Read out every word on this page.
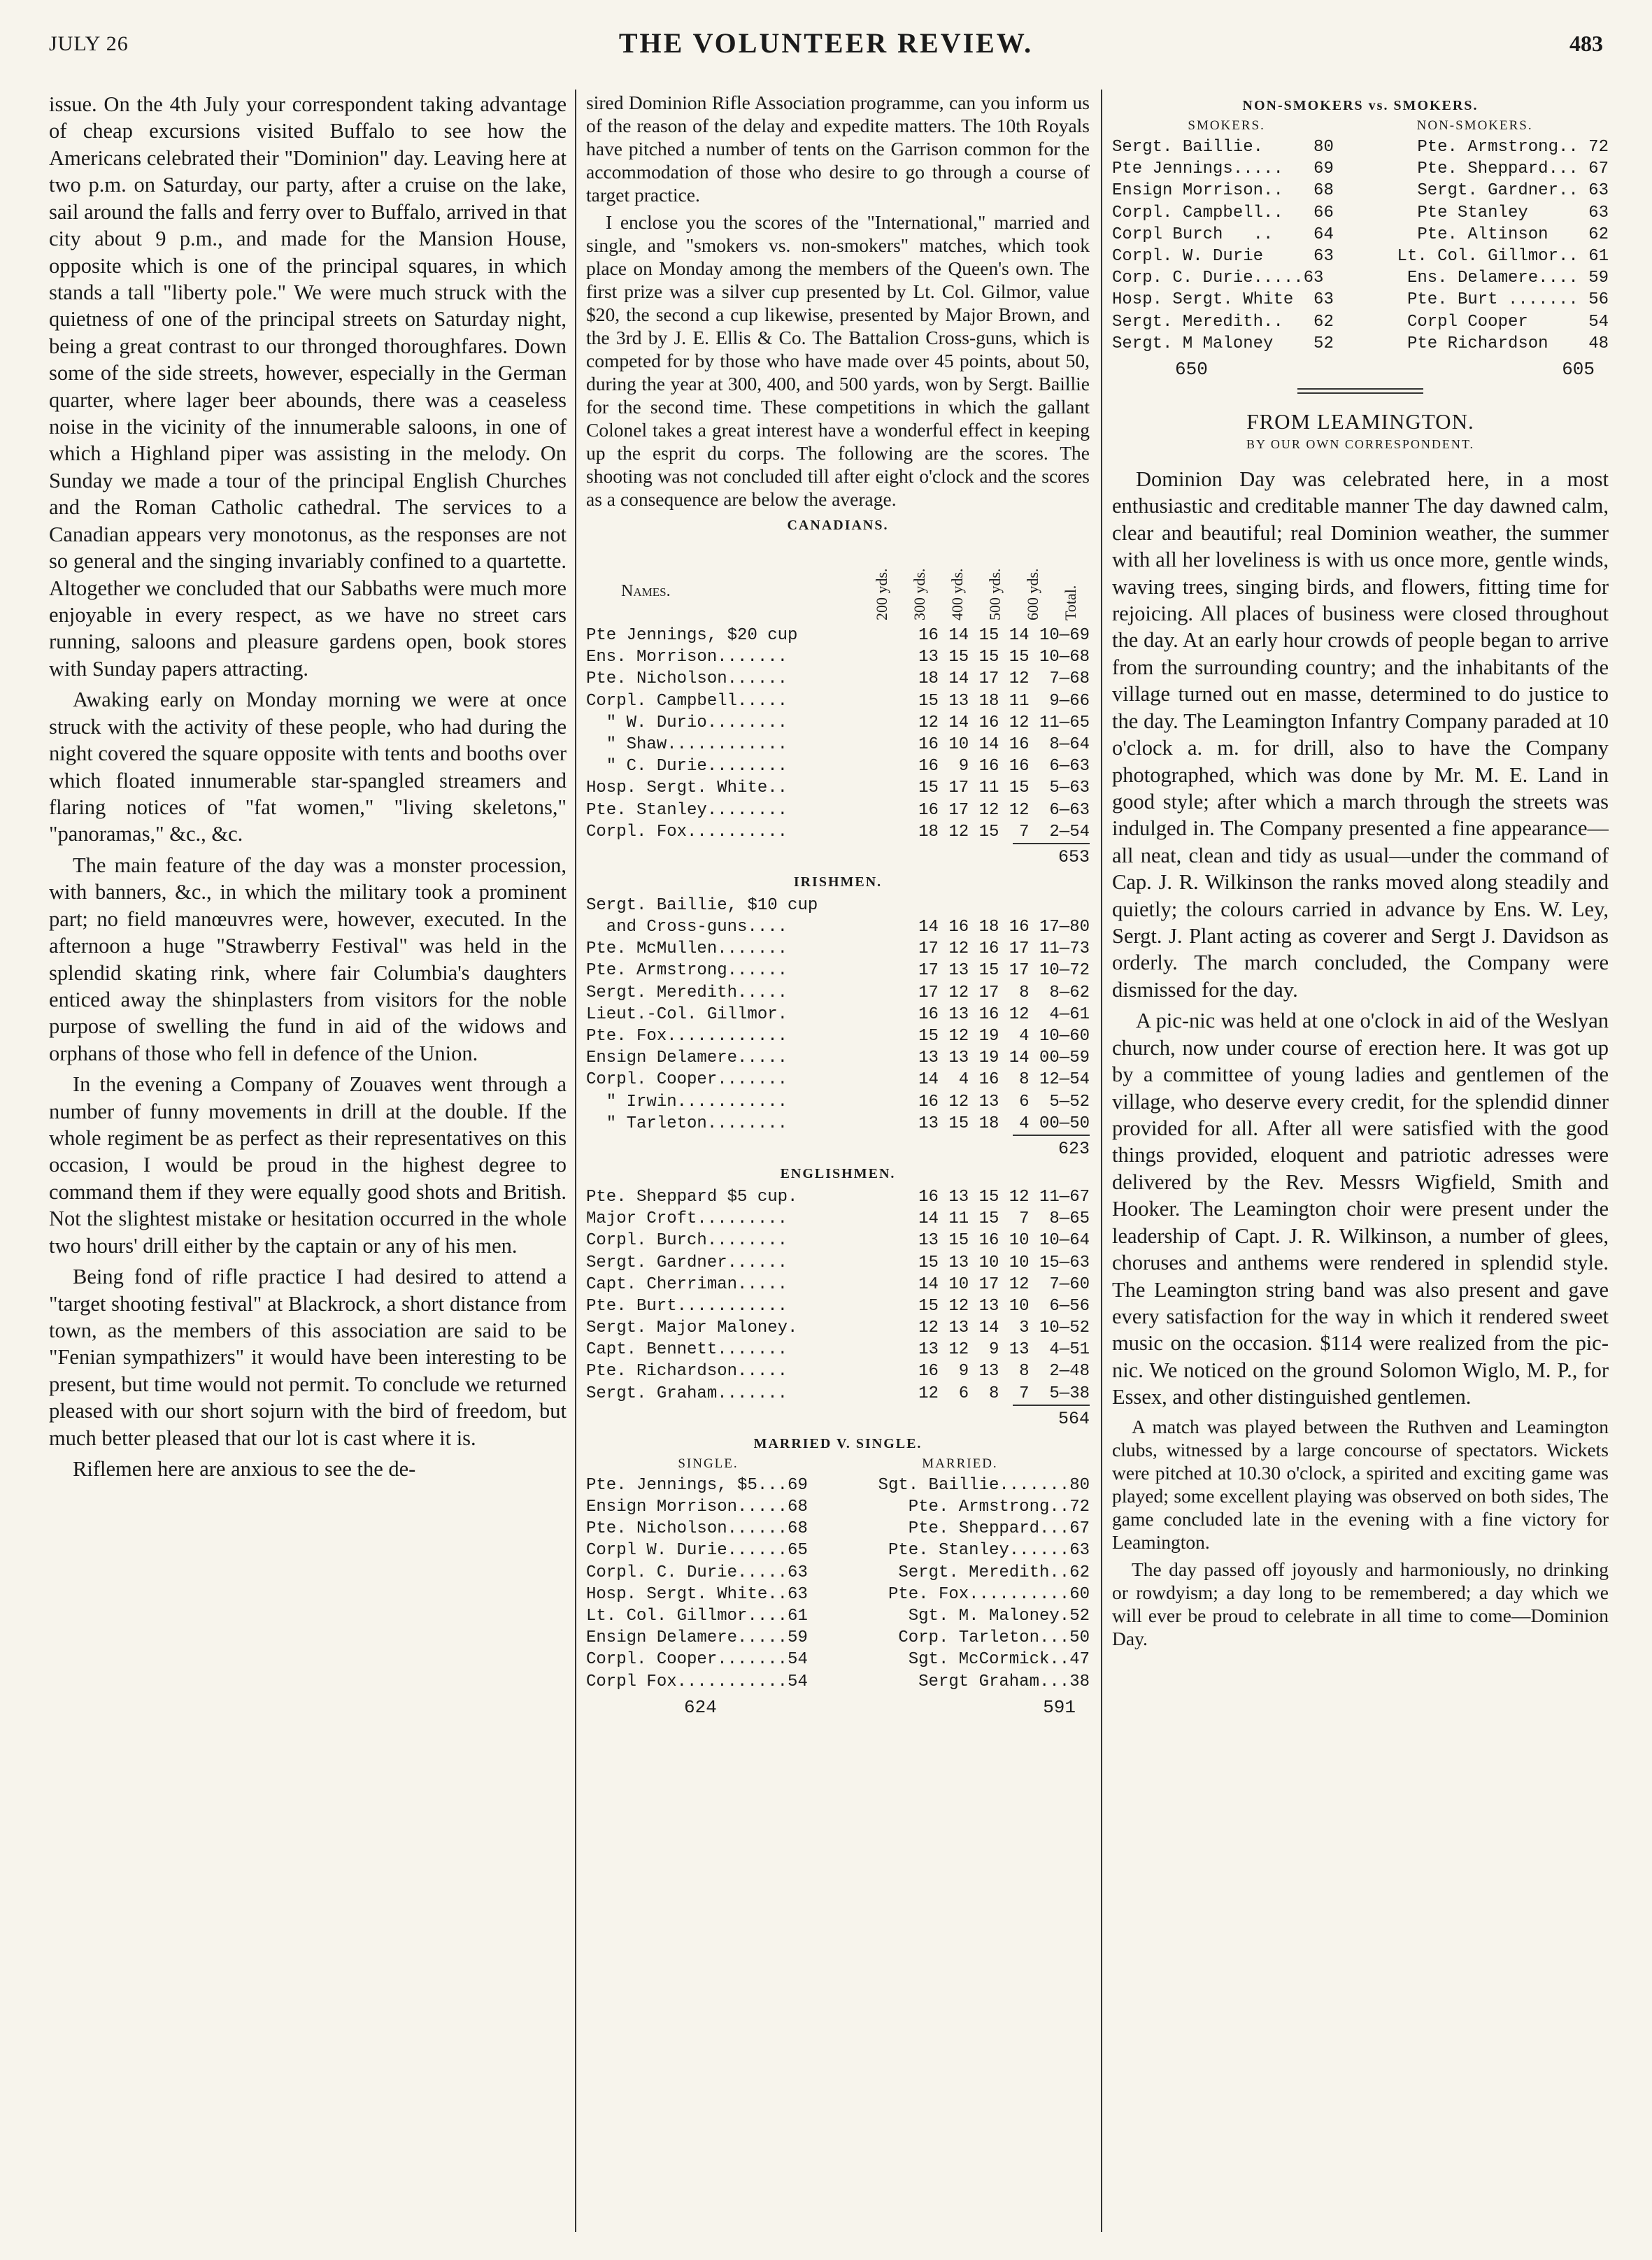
JULY 26	THE VOLUNTEER REVIEW.	483

issue. On the 4th July your correspondent taking advantage of cheap excursions visited Buffalo to see how the Americans celebrated their "Dominion" day. Leaving here at two p.m. on Saturday, our party, after a cruise on the lake, sail around the falls and ferry over to Buffalo, arrived in that city about 9 p.m., and made for the Mansion House, opposite which is one of the principal squares, in which stands a tall "liberty pole." We were much struck with the quietness of one of the principal streets on Saturday night, being a great contrast to our thronged thoroughfares. Down some of the side streets, however, especially in the German quarter, where lager beer abounds, there was a ceaseless noise in the vicinity of the innumerable saloons, in one of which a Highland piper was assisting in the melody. On Sunday we made a tour of the principal English Churches and the Roman Catholic cathedral. The services to a Canadian appears very monotonus, as the responses are not so general and the singing invariably confined to a quartette. Altogether we concluded that our Sabbaths were much more enjoyable in every respect, as we have no street cars running, saloons and pleasure gardens open, book stores with Sunday papers attracting.

Awaking early on Monday morning we were at once struck with the activity of these people, who had during the night covered the square opposite with tents and booths over which floated innumerable star-spangled streamers and flaring notices of "fat women," "living skeletons," "panoramas," &c., &c.

The main feature of the day was a monster procession, with banners, &c., in which the military took a prominent part; no field manœuvres were, however, executed. In the afternoon a huge "Strawberry Festival" was held in the splendid skating rink, where fair Columbia's daughters enticed away the shinplasters from visitors for the noble purpose of swelling the fund in aid of the widows and orphans of those who fell in defence of the Union.

In the evening a Company of Zouaves went through a number of funny movements in drill at the double. If the whole regiment be as perfect as their representatives on this occasion, I would be proud in the highest degree to command them if they were equally good shots and British. Not the slightest mistake or hesitation occurred in the whole two hours' drill either by the captain or any of his men.

Being fond of rifle practice I had desired to attend a "target shooting festival" at Blackrock, a short distance from town, as the members of this association are said to be "Fenian sympathizers" it would have been interesting to be present, but time would not permit. To conclude we returned pleased with our short sojurn with the bird of freedom, but much better pleased that our lot is cast where it is.

Riflemen here are anxious to see the de-

sired Dominion Rifle Association programme, can you inform us of the reason of the delay and expedite matters. The 10th Royals have pitched a number of tents on the Garrison common for the accommodation of those who desire to go through a course of target practice.

I enclose you the scores of the "International," married and single, and "smokers vs. non-smokers" matches, which took place on Monday among the members of the Queen's own. The first prize was a silver cup presented by Lt. Col. Gilmor, value $20, the second a cup likewise, presented by Major Brown, and the 3rd by J. E. Ellis & Co. The Battalion Cross-guns, which is competed for by those who have made over 45 points, about 50, during the year at 300, 400, and 500 yards, won by Sergt. Baillie for the second time. These competitions in which the gallant Colonel takes a great interest have a wonderful effect in keeping up the esprit du corps. The following are the scores. The shooting was not concluded till after eight o'clock and the scores as a consequence are below the average.

CANADIANS.
Names.	200 yds. 300 yds. 400 yds. 500 yds. 600 yds. Total.
Pte Jennings, $20 cup	16 14 15 14 10—69
Ens. Morrison.......	13 15 15 15 10—68
Pte. Nicholson......	18 14 17 12  7—68
Corpl. Campbell.....	15 13 18 11  9—66
" W. Durio........	12 14 16 12 11—65
" Shaw............	16 10 14 16  8—64
" C. Durie........	16  9 16 16  6—63
Hosp. Sergt. White..	15 17 11 15  5—63
Pte. Stanley........	16 17 12 12  6—63
Corpl. Fox..........	18 12 15  7  2—54
653
IRISHMEN.
Sergt. Baillie, $10 cup	
and Cross-guns....	14 16 18 16 17—80
Pte. McMullen.......	17 12 16 17 11—73
Pte. Armstrong......	17 13 15 17 10—72
Sergt. Meredith.....	17 12 17  8  8—62
Lieut.-Col. Gillmor.	16 13 16 12  4—61
Pte. Fox............	15 12 19  4 10—60
Ensign Delamere.....	13 13 19 14 00—59
Corpl. Cooper.......	14  4 16  8 12—54
" Irwin...........	16 12 13  6  5—52
" Tarleton........	13 15 18  4 00—50
623
ENGLISHMEN.
Pte. Sheppard $5 cup.	16 13 15 12 11—67
Major Croft.........	14 11 15  7  8—65
Corpl. Burch........	13 15 16 10 10—64
Sergt. Gardner......	15 13 10 10 15—63
Capt. Cherriman.....	14 10 17 12  7—60
Pte. Burt...........	15 12 13 10  6—56
Sergt. Major Maloney.	12 13 14  3 10—52
Capt. Bennett.......	13 12  9 13  4—51
Pte. Richardson.....	16  9 13  8  2—48
Sergt. Graham.......	12  6  8  7  5—38
564
MARRIED V. SINGLE.
SINGLE.	MARRIED.
Pte. Jennings, $5...69	Sgt. Baillie.......80
Ensign Morrison.....68	Pte. Armstrong..72
Pte. Nicholson......68	Pte. Sheppard...67
Corpl W. Durie......65	Pte. Stanley......63
Corpl. C. Durie.....63	Sergt. Meredith..62
Hosp. Sergt. White..63	Pte. Fox..........60
Lt. Col. Gillmor....61	Sgt. M. Maloney.52
Ensign Delamere.....59	Corp. Tarleton...50
Corpl. Cooper.......54	Sgt. McCormick..47
Corpl Fox...........54	Sergt Graham...38
624	591
NON-SMOKERS vs. SMOKERS.
SMOKERS.	NON-SMOKERS.
Sergt. Baillie.     80	Pte. Armstrong.. 72
Pte Jennings.....   69	Pte. Sheppard... 67
Ensign Morrison..   68	Sergt. Gardner.. 63
Corpl. Campbell..   66	Pte Stanley      63
Corpl Burch   ..    64	Pte. Altinson    62
Corpl. W. Durie     63	Lt. Col. Gillmor.. 61
Corp. C. Durie.....63	Ens. Delamere.... 59
Hosp. Sergt. White  63	Pte. Burt ....... 56
Sergt. Meredith..   62	Corpl Cooper      54
Sergt. M Maloney    52	Pte Richardson    48
650	605
FROM LEAMINGTON.
BY OUR OWN CORRESPONDENT.

Dominion Day was celebrated here, in a most enthusiastic and creditable manner The day dawned calm, clear and beautiful; real Dominion weather, the summer with all her loveliness is with us once more, gentle winds, waving trees, singing birds, and flowers, fitting time for rejoicing. All places of business were closed throughout the day. At an early hour crowds of people began to arrive from the surrounding country; and the inhabitants of the village turned out en masse, determined to do justice to the day. The Leamington Infantry Company paraded at 10 o'clock a. m. for drill, also to have the Company photographed, which was done by Mr. M. E. Land in good style; after which a march through the streets was indulged in. The Company presented a fine appearance—all neat, clean and tidy as usual—under the command of Cap. J. R. Wilkinson the ranks moved along steadily and quietly; the colours carried in advance by Ens. W. Ley, Sergt. J. Plant acting as coverer and Sergt J. Davidson as orderly. The march concluded, the Company were dismissed for the day.

A pic-nic was held at one o'clock in aid of the Weslyan church, now under course of erection here. It was got up by a committee of young ladies and gentlemen of the village, who deserve every credit, for the splendid dinner provided for all. After all were satisfied with the good things provided, eloquent and patriotic adresses were delivered by the Rev. Messrs Wigfield, Smith and Hooker. The Leamington choir were present under the leadership of Capt. J. R. Wilkinson, a number of glees, choruses and anthems were rendered in splendid style. The Leamington string band was also present and gave every satisfaction for the way in which it rendered sweet music on the occasion. $114 were realized from the pic-nic. We noticed on the ground Solomon Wiglo, M. P., for Essex, and other distinguished gentlemen.

A match was played between the Ruthven and Leamington clubs, witnessed by a large concourse of spectators. Wickets were pitched at 10.30 o'clock, a spirited and exciting game was played; some excellent playing was observed on both sides, The game concluded late in the evening with a fine victory for Leamington.

The day passed off joyously and harmoniously, no drinking or rowdyism; a day long to be remembered; a day which we will ever be proud to celebrate in all time to come—Dominion Day.
